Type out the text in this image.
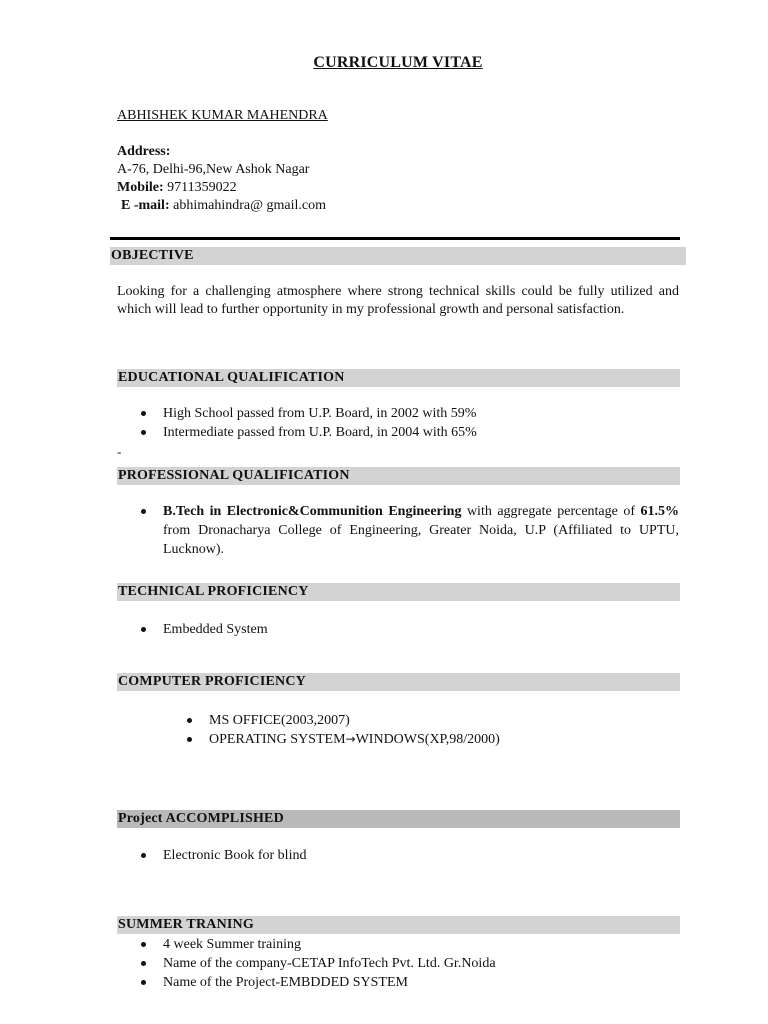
CURRICULUM VITAE
ABHISHEK KUMAR MAHENDRA
Address:
A-76, Delhi-96,New Ashok Nagar
Mobile: 9711359022
E -mail: abhimahindra@ gmail.com
OBJECTIVE
Looking for a challenging atmosphere where strong technical skills could be fully utilized and which will lead to further opportunity in my professional growth and personal satisfaction.
EDUCATIONAL QUALIFICATION
High School passed from U.P. Board, in 2002 with 59%
Intermediate passed from U.P. Board, in 2004 with 65%
-
PROFESSIONAL QUALIFICATION
B.Tech in Electronic&Communition Engineering with aggregate percentage of 61.5% from Dronacharya College of Engineering, Greater Noida, U.P (Affiliated to UPTU, Lucknow).
TECHNICAL PROFICIENCY
Embedded System
COMPUTER PROFICIENCY
MS OFFICE(2003,2007)
OPERATING SYSTEM→WINDOWS(XP,98/2000)
Project ACCOMPLISHED
Electronic Book for blind
SUMMER TRANING
4 week Summer training
Name of the company-CETAP InfoTech Pvt. Ltd. Gr.Noida
Name of the Project-EMBDDED SYSTEM
